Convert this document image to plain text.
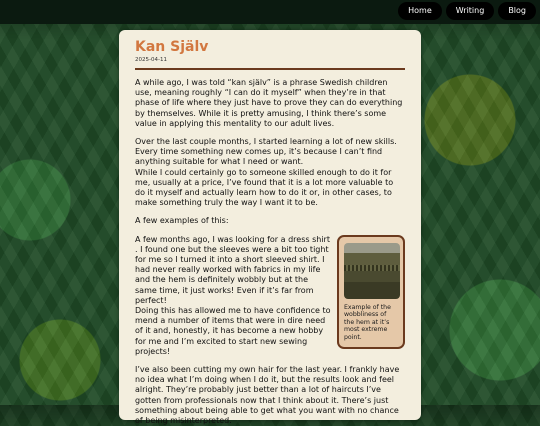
Home	Writing	Blog
Kan Själv
2025-04-11

A while ago, I was told “kan själv” is a phrase Swedish children use, meaning roughly “I can do it myself” when they’re in that phase of life where they just have to prove they can do everything by themselves. While it is pretty amusing, I think there’s some value in applying this mentality to our adult lives.

Over the last couple months, I started learning a lot of new skills. Every time something new comes up, it’s because I can’t find anything suitable for what I need or want.

While I could certainly go to someone skilled enough to do it for me, usually at a price, I’ve found that it is a lot more valuable to do it myself and actually learn how to do it or, in other cases, to make something truly the way I want it to be.

A few examples of this:

Example of the wobbliness of the hem at it’s most extreme point.

A few months ago, I was looking for a dress shirt . I found one but the sleeves were a bit too tight for me so I turned it into a short sleeved shirt. I had never really worked with fabrics in my life and the hem is definitely wobbly but at the same time, it just works! Even if it’s far from perfect!

Doing this has allowed me to have confidence to mend a number of items that were in dire need of it and, honestly, it has become a new hobby for me and I’m excited to start new sewing projects!

I’ve also been cutting my own hair for the last year. I frankly have no idea what I’m doing when I do it, but the results look and feel alright. They’re probably just better than a lot of haircuts I’ve gotten from professionals now that I think about it. There’s just something about being able to get what you want with no chance of being misinterpreted.
